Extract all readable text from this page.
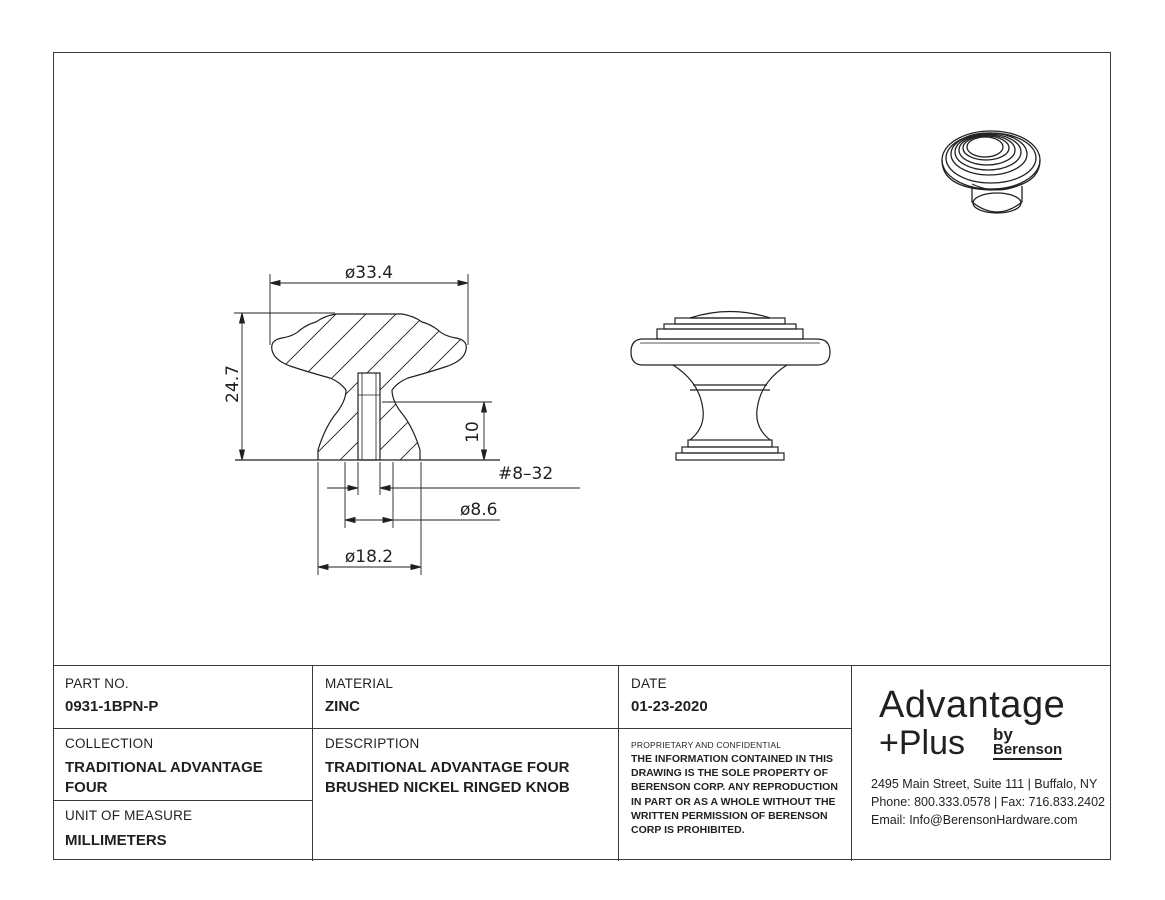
ø33.4
24.7
10
#8–32
ø8.6
ø18.2
PART NO.
0931-1BPN-P
MATERIAL
ZINC
DATE
01-23-2020
COLLECTION
TRADITIONAL ADVANTAGE FOUR
DESCRIPTION
TRADITIONAL ADVANTAGE FOUR BRUSHED NICKEL RINGED KNOB
UNIT OF MEASURE
MILLIMETERS
PROPRIETARY AND CONFIDENTIAL
THE INFORMATION CONTAINED IN THIS DRAWING IS THE SOLE PROPERTY OF BERENSON CORP. ANY REPRODUCTION IN PART OR AS A WHOLE WITHOUT THE WRITTEN PERMISSION OF BERENSON CORP IS PROHIBITED.
Advantage
+Plus by
Berenson
2495 Main Street, Suite 111 | Buffalo, NY
Phone: 800.333.0578 | Fax: 716.833.2402
Email: Info@BerensonHardware.com
